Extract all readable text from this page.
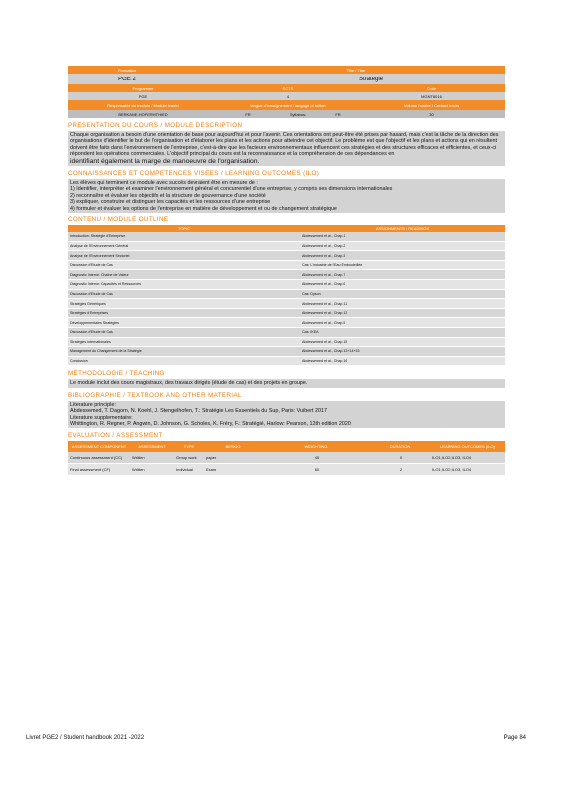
Formation	Title / Titre
PGE 2	Stratégie
Programme	ECTS	Code
PGE	4	MGNT8016
Responsable du module / Module leader	langue d'enseignement / langage of tuition	Volume horaire / Contact hours
BERKANE-HOFERHTHIED	FR	Syllabus:	FR	30
PRESENTATION DU COURS / MODULE DESCRIPTION
Chaque organisation a besoin d'une orientation de base pour aujourd'hui et pour l'avenir. Ces orientations ont peut-être été prises par hasard, mais c'est la tâche de la direction des organisations d'identifier le but de l'organisation et d'élaborer les plans et les actions pour atteindre cet objectif. Le problème est que l'objectif et les plans et actions qui en résultent doivent être faits dans l'environnement de l'entreprise, c'est-à-dire que les facteurs environnementaux influencent ces stratégies et des structures efficaces et efficientes, et ceux-ci répondent les opérations commerciales. L'objectif principal du cours est la reconnaissance et la compréhension de ces dépendances en
identifiant également la marge de manoeuvre de l'organisation.
CONNAISSANCES ET COMPETENCES VISEES / LEARNING OUTCOMES (ILO)
Les élèves qui terminent ce module avec succès devraient être en mesure de :
1) Identifier, interpréter et examiner l'environnement général et concurrentiel d'une entreprise, y compris ses dimensions internationales
2) reconnaître et évaluer les objectifs et la structure de gouvernance d'une société
3) expliquer, construire et distinguer les capacités et les ressources d'une entreprise
4) formuler et évaluer les options de l'entreprise en matière de développement et ou de changement stratégique
CONTENU / MODULE OUTLINE
TOPIC	ASSIGNMENTS / READINGS
Introduction: Stratégie d'Entreprise	Abdessemed et al., Chap.1
Analyse de l'Environnement Général	Abdessemed et al., Chap.2
Analyse de l'Environnement Sectoriel	Abdessemed et al., Chap.3
Discussion d'Etude de Cas	Cas: L'industrie de l'Eau Embouteillée
Diagnostic Interne: Chaîne de Valeur	Abdessemed et al., Chap.7
Diagnostic Interne: Capacités et Ressources	Abdessemed et al., Chap.6
Discussion d'Etude de Cas	Cas: Dyson
Stratégies Génériques	Abdessemed et al., Chap.11
Stratégies d'Entreprises	Abdessemed et al., Chap.12
Développementales Stratégies	Abdessemed et al., Chap.5
Discussion d'Etude de Cas	Cas: IKEA
Stratégies Internationales	Abdessemed et al., Chap.15
Management du Changement de la Stratégie	Abdessemed et al., Chap.13+14+15
Conclusion	Abdessemed et al., Chap.16
METHODOLOGIE / TEACHING
Le module inclut des cours magistraux, des travaux dirigés (étude de cas) et des projets en groupe.
BIBLIOGRAPHIE / TEXTBOOK AND OTHER MATERIAL
Literature principle:
Abdessemed, T. Dagorn, N. Koehl, J. Stengelhofen, T.: Stratégie Les Essentiels du Sup, Paris: Vuibert 2017
Literature supplementaire:
Whittington, R. Regner, P. Angwin, D. Johnson, G. Scholes, K. Fréry, F.: Stratégié, Harlow: Pearson, 12th edition 2020
EVALUATION / ASSESSMENT
ASSESSMENT COMPONENT	ASSESSMENT	TYPE	BESKIO	WEIGHTING	DURATION	LEARNING OUTCOMES (ILO)
Continuous assessment (CC)	Written	Group work	paper	40	0	ILO1,ILO2,ILO3, ILO4
Final assessment (CF)	Written	Individual	Exam	60	2	ILO1,ILO2,ILO3, ILO4
Livret PGE2 / Student handbook 2021 -2022	Page 84
